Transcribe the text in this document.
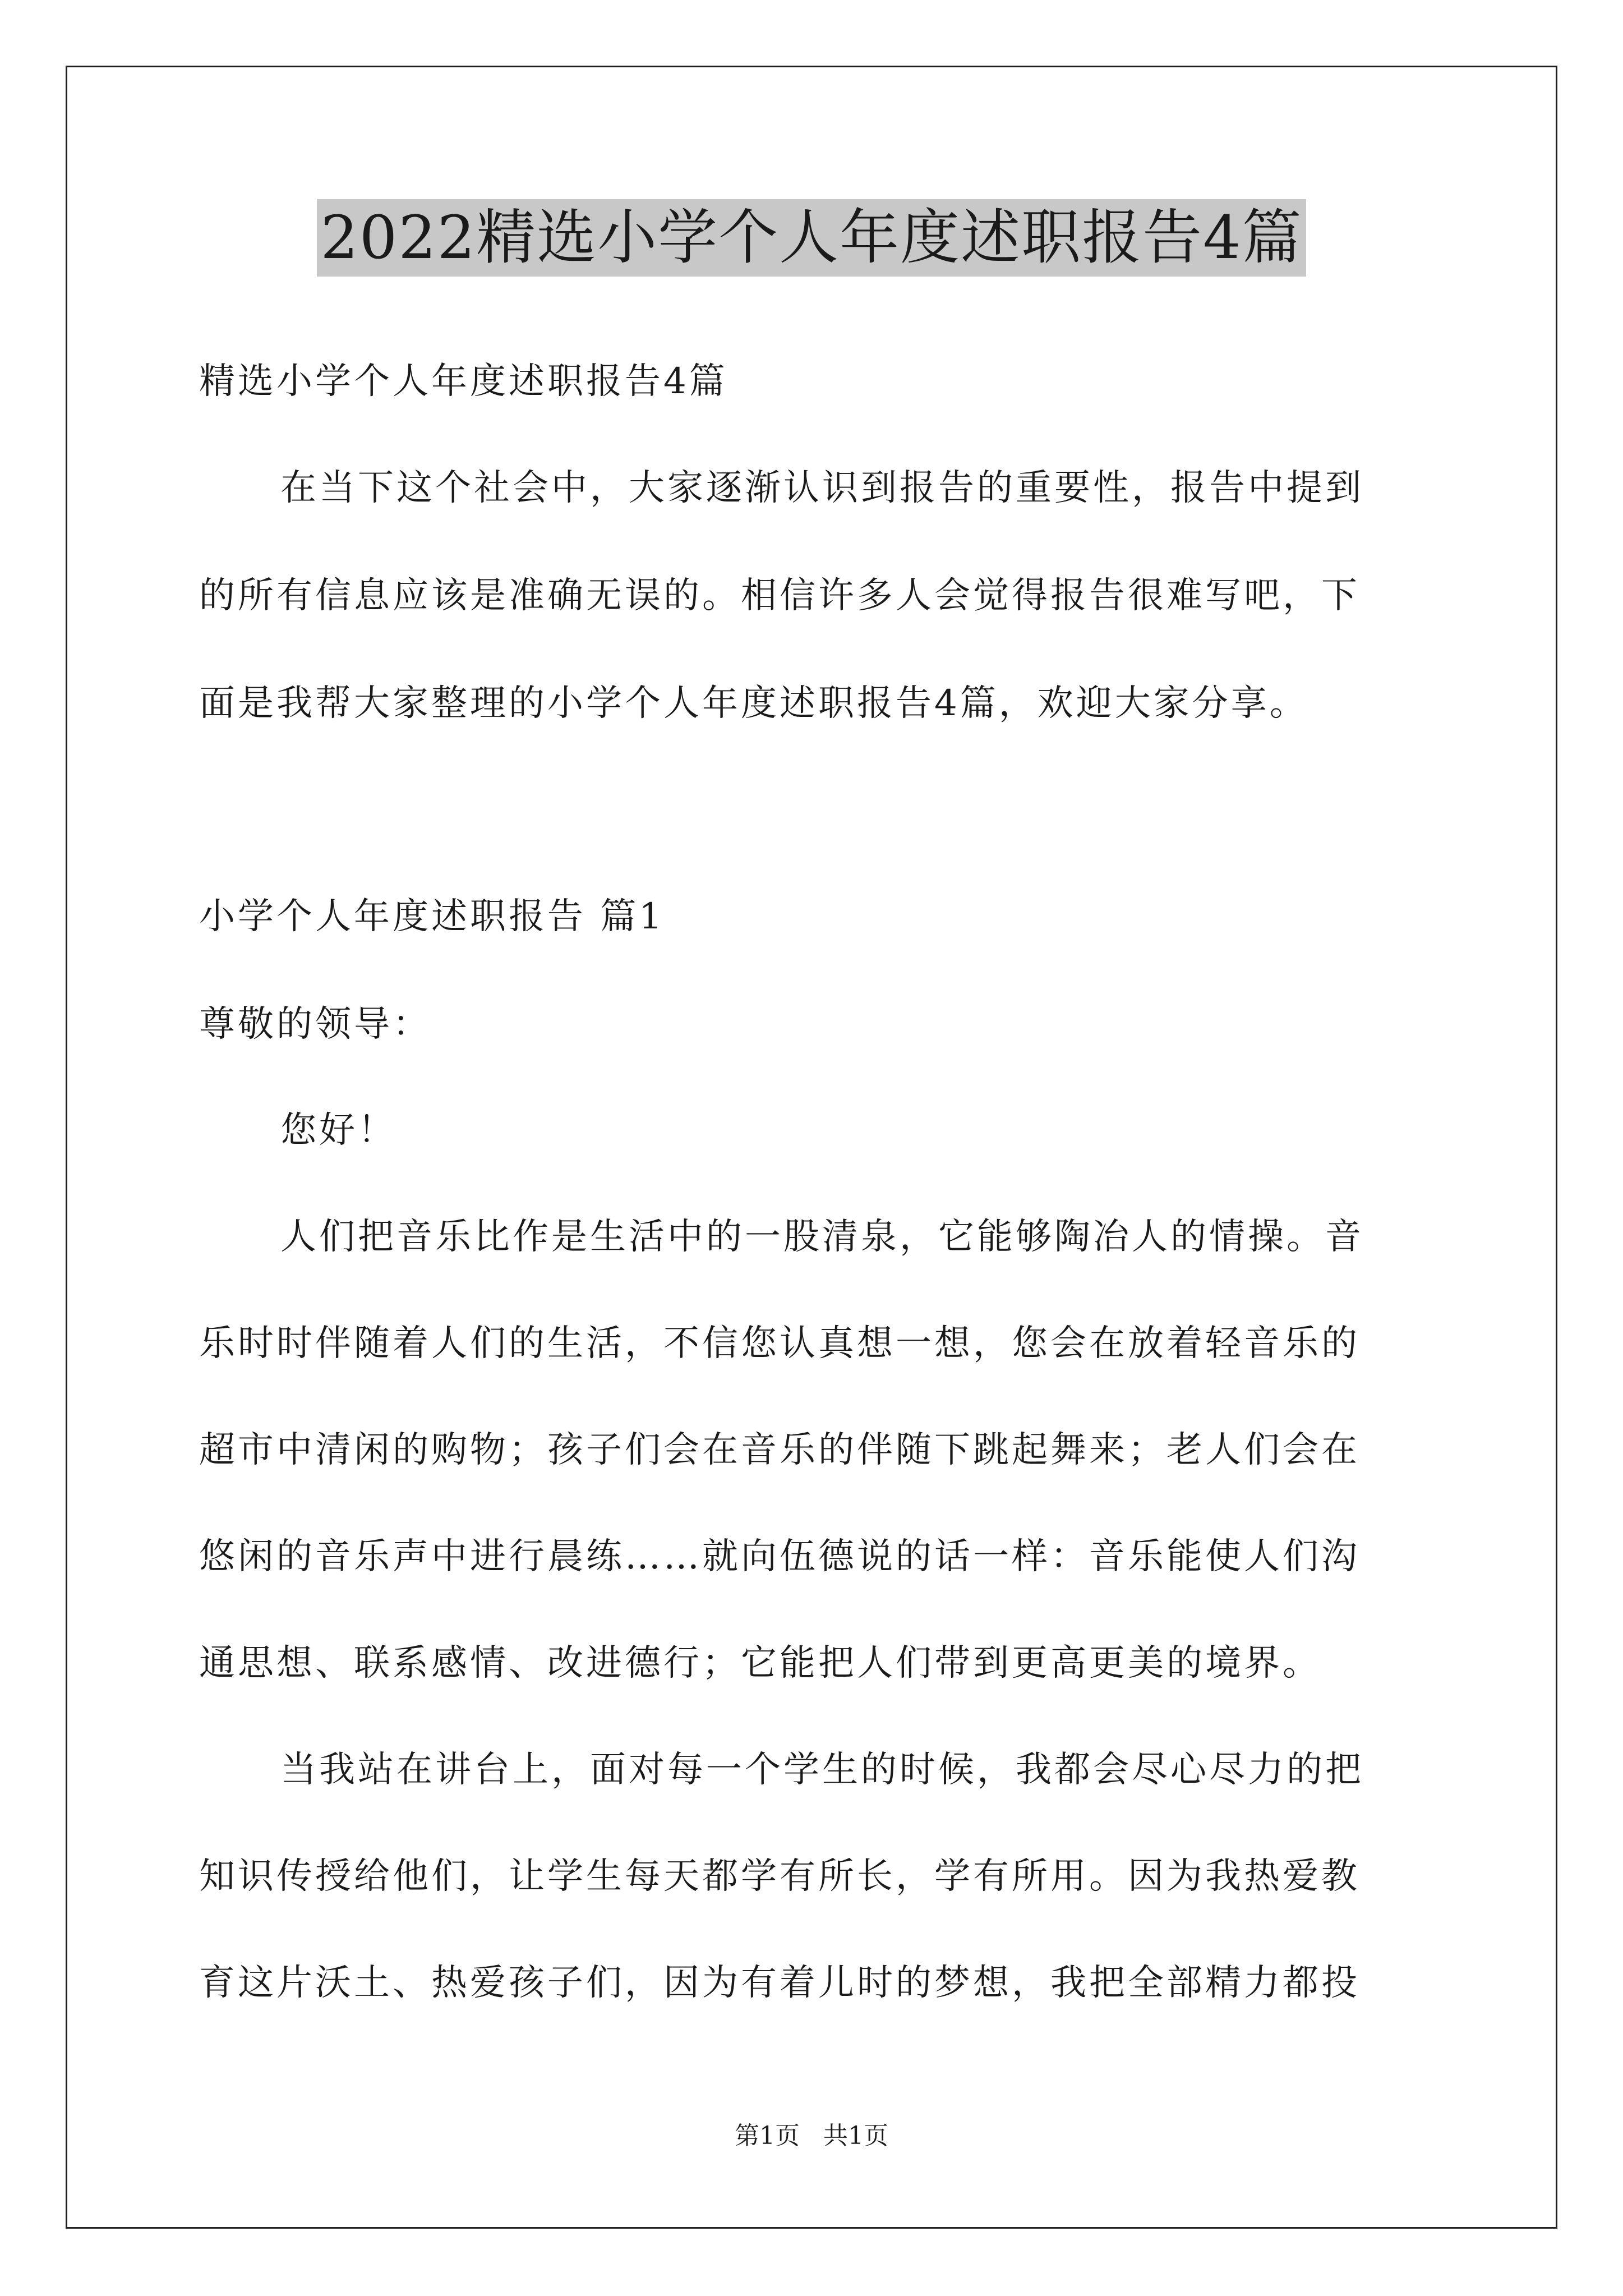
2022精选小学个人年度述职报告4篇
精选小学个人年度述职报告4篇
在当下这个社会中，大家逐渐认识到报告的重要性，报告中提到
的所有信息应该是准确无误的。相信许多人会觉得报告很难写吧，下
面是我帮大家整理的小学个人年度述职报告4篇，欢迎大家分享。
小学个人年度述职报告 篇1
尊敬的领导：
您好！
人们把音乐比作是生活中的一股清泉，它能够陶冶人的情操。音
乐时时伴随着人们的生活，不信您认真想一想，您会在放着轻音乐的
超市中清闲的购物；孩子们会在音乐的伴随下跳起舞来；老人们会在
悠闲的音乐声中进行晨练……就向伍德说的话一样：音乐能使人们沟
通思想、联系感情、改进德行；它能把人们带到更高更美的境界。
当我站在讲台上，面对每一个学生的时候，我都会尽心尽力的把
知识传授给他们，让学生每天都学有所长，学有所用。因为我热爱教
育这片沃土、热爱孩子们，因为有着儿时的梦想，我把全部精力都投
第1页   共1页
